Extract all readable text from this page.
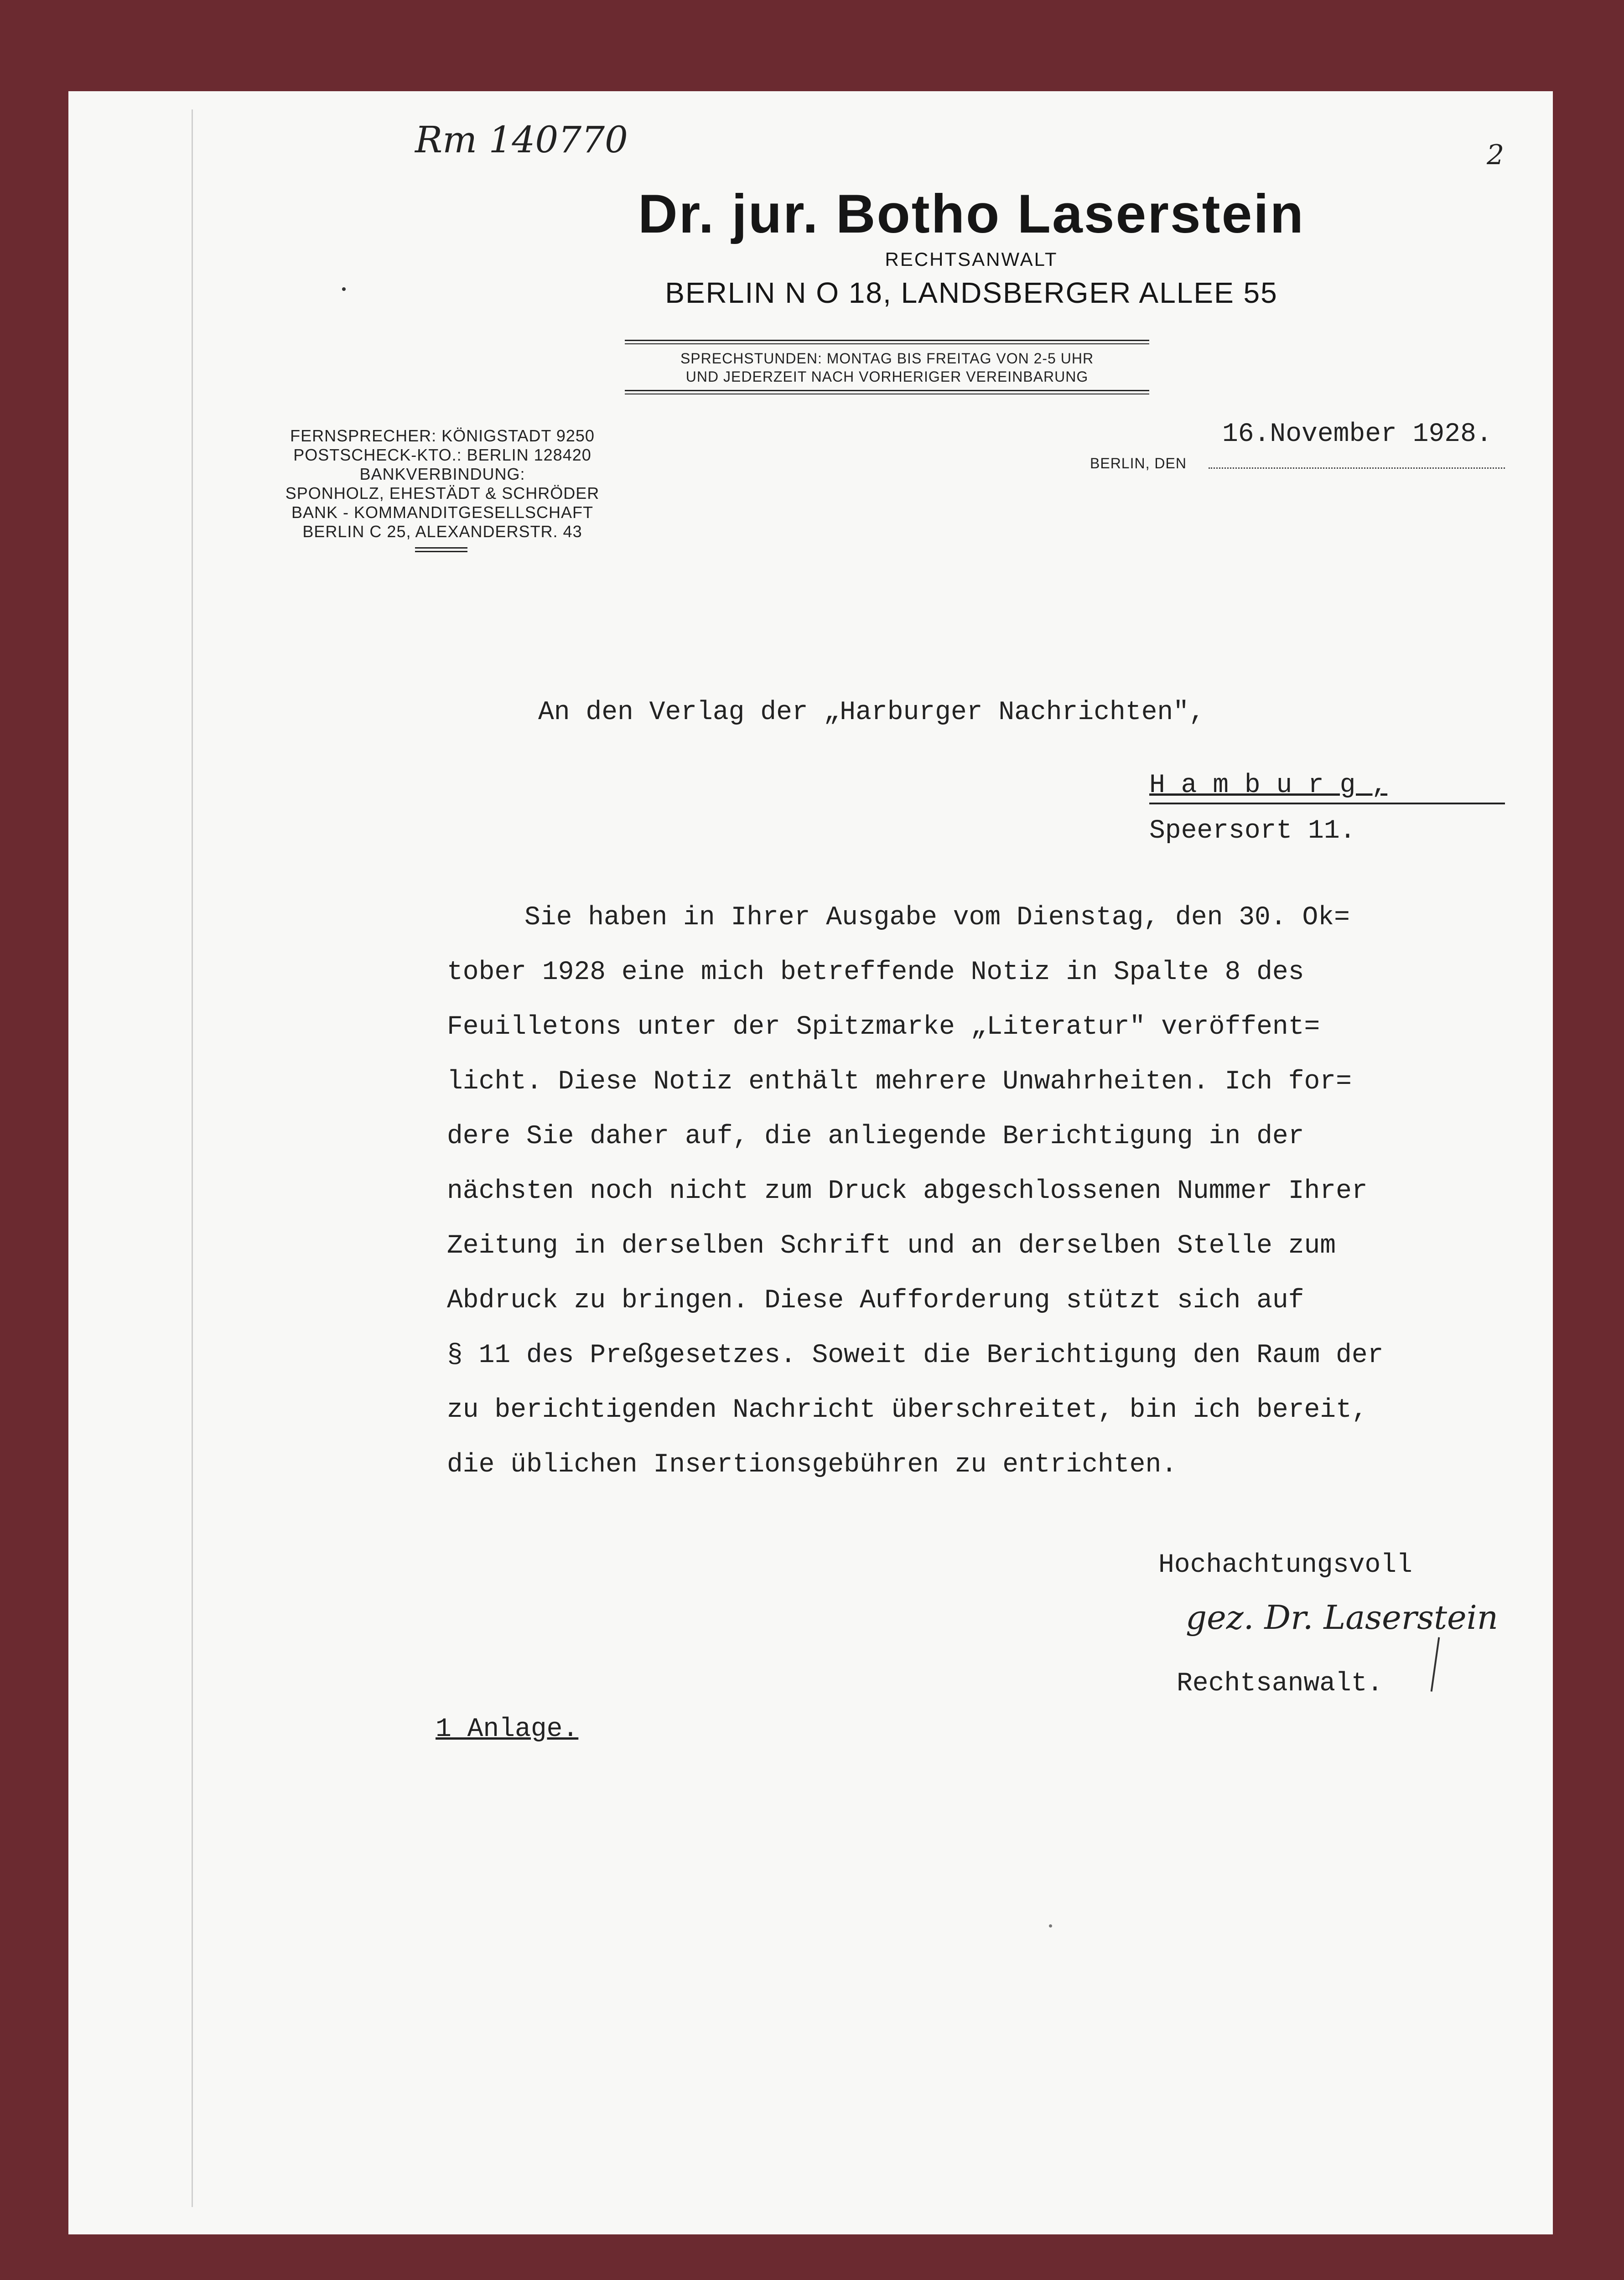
Rm 140770	2
Dr. jur. Botho Laserstein
RECHTSANWALT
BERLIN N O 18, LANDSBERGER ALLEE 55
SPRECHSTUNDEN: MONTAG BIS FREITAG VON 2-5 UHR
UND JEDERZEIT NACH VORHERIGER VEREINBARUNG
FERNSPRECHER: KÖNIGSTADT 9250
POSTSCHECK-KTO.: BERLIN 128420
BANKVERBINDUNG:
SPONHOLZ, EHESTÄDT & SCHRÖDER
BANK - KOMMANDITGESELLSCHAFT
BERLIN C 25, ALEXANDERSTR. 43
16.November 1928.
BERLIN, DEN
An den Verlag der „Harburger Nachrichten",
H a m b u r g ,
Speersort 11.
Sie haben in Ihrer Ausgabe vom Dienstag, den 30. Ok=
tober 1928 eine mich betreffende Notiz in Spalte 8 des
Feuilletons unter der Spitzmarke „Literatur" veröffent=
licht. Diese Notiz enthält mehrere Unwahrheiten. Ich for=
dere Sie daher auf, die anliegende Berichtigung in der
nächsten noch nicht zum Druck abgeschlossenen Nummer Ihrer
Zeitung in derselben Schrift und an derselben Stelle zum
Abdruck zu bringen. Diese Aufforderung stützt sich auf
§ 11 des Preßgesetzes. Soweit die Berichtigung den Raum der
zu berichtigenden Nachricht überschreitet, bin ich bereit,
die üblichen Insertionsgebühren zu entrichten.
Hochachtungsvoll
gez. Dr. Laserstein
Rechtsanwalt.
1 Anlage.
